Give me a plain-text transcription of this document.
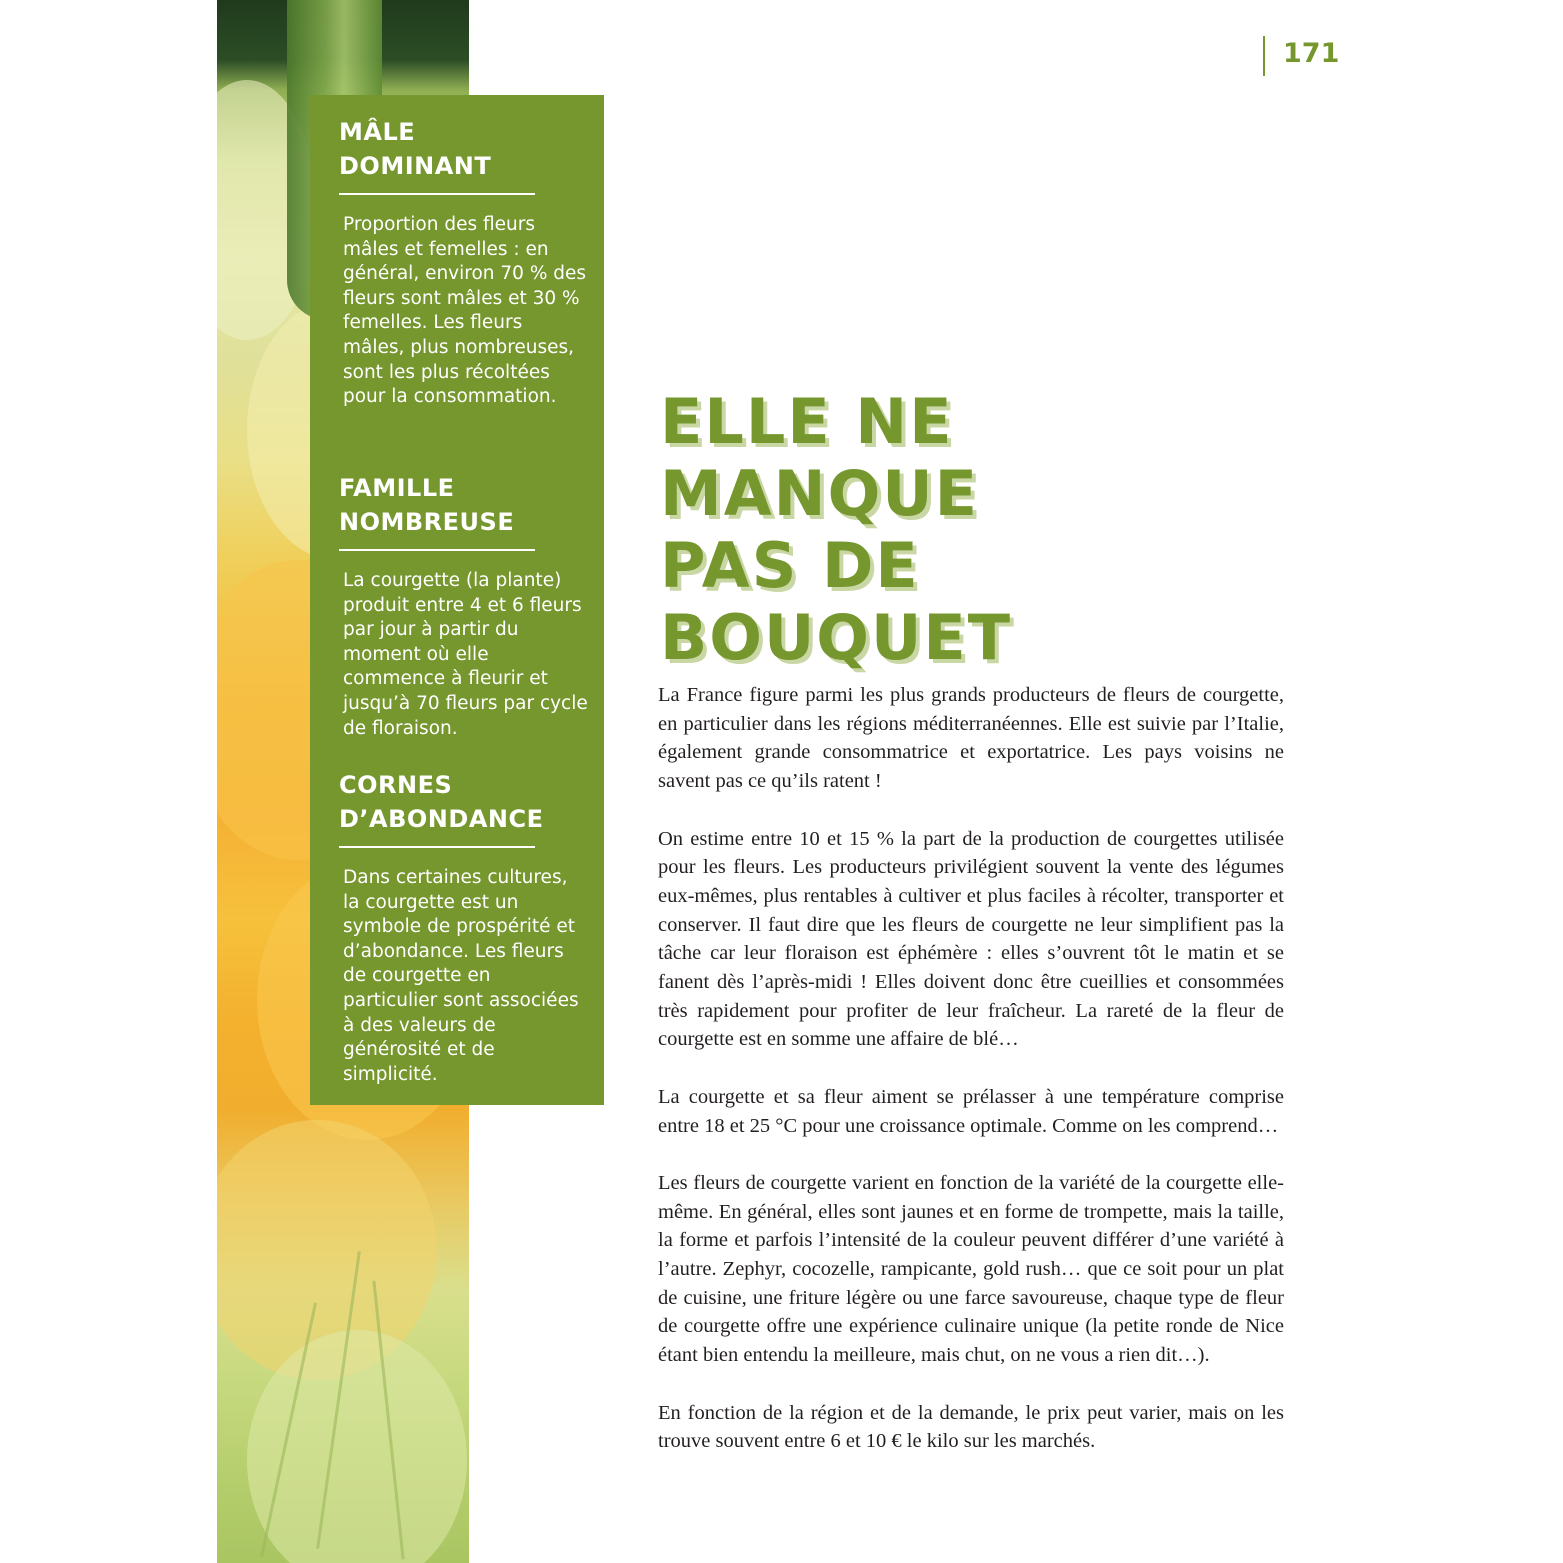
MÂLE
DOMINANT

Proportion des fleurs mâles et femelles : en général, environ 70 % des fleurs sont mâles et 30 % femelles. Les fleurs mâles, plus nombreuses, sont les plus récoltées pour la consommation.

FAMILLE
NOMBREUSE

La courgette (la plante) produit entre 4 et 6 fleurs par jour à partir du moment où elle commence à fleurir et jusqu’à 70 fleurs par cycle de floraison.

CORNES
D’ABONDANCE

Dans certaines cultures, la courgette est un symbole de prospérité et d’abondance. Les fleurs de courgette en particulier sont associées à des valeurs de générosité et de simplicité.

171
ELLE NE
MANQUE
PAS DE
BOUQUET

La France figure parmi les plus grands producteurs de fleurs de courgette, en particulier dans les régions méditerranéennes. Elle est suivie par l’Italie, également grande consommatrice et exportatrice. Les pays voisins ne savent pas ce qu’ils ratent !

On estime entre 10 et 15 % la part de la production de courgettes utilisée pour les fleurs. Les producteurs privilégient souvent la vente des légumes eux-mêmes, plus rentables à cultiver et plus faciles à récolter, transporter et conserver. Il faut dire que les fleurs de courgette ne leur simplifient pas la tâche car leur floraison est éphémère : elles s’ouvrent tôt le matin et se fanent dès l’après-midi ! Elles doivent donc être cueillies et consommées très rapidement pour profiter de leur fraîcheur. La rareté de la fleur de courgette est en somme une affaire de blé…

La courgette et sa fleur aiment se prélasser à une température comprise entre 18 et 25 °C pour une croissance optimale. Comme on les comprend…

Les fleurs de courgette varient en fonction de la variété de la courgette elle-même. En général, elles sont jaunes et en forme de trompette, mais la taille, la forme et parfois l’intensité de la couleur peuvent différer d’une variété à l’autre. Zephyr, cocozelle, rampicante, gold rush… que ce soit pour un plat de cuisine, une friture légère ou une farce savoureuse, chaque type de fleur de courgette offre une expérience culinaire unique (la petite ronde de Nice étant bien entendu la meilleure, mais chut, on ne vous a rien dit…).

En fonction de la région et de la demande, le prix peut varier, mais on les trouve souvent entre 6 et 10 € le kilo sur les marchés.
